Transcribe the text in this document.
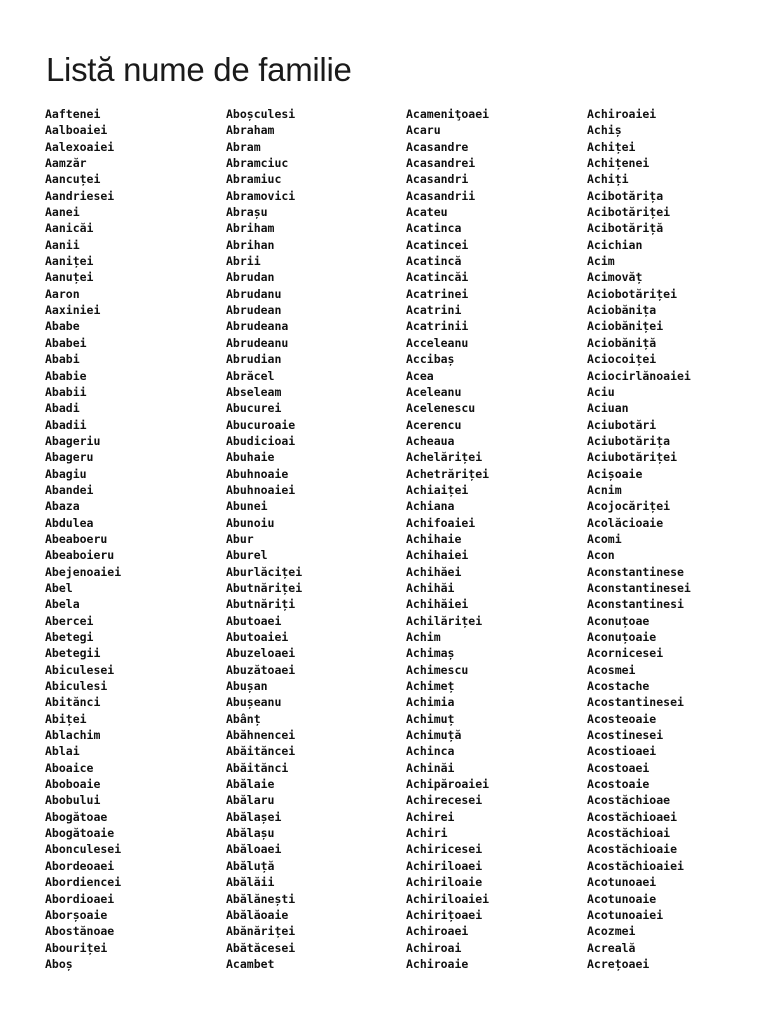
Listă nume de familie
Aaftenei
Aalboaiei
Aalexoaiei
Aamzăr
Aancuței
Aandriesei
Aanei
Aanicăi
Aanii
Aaniței
Aanuței
Aaron
Aaxiniei
Ababe
Ababei
Ababi
Ababie
Ababii
Abadi
Abadii
Abageriu
Abageru
Abagiu
Abandei
Abaza
Abdulea
Abeaboeru
Abeaboieru
Abejenoaiei
Abel
Abela
Abercei
Abetegi
Abetegii
Abiculesei
Abiculesi
Abitănci
Abiței
Ablachim
Ablai
Aboaice
Aboboaie
Abobului
Abogătoae
Abogătoaie
Abonculesei
Abordeoaei
Abordiencei
Abordioaei
Aborșoaie
Abostănoae
Abouriței
Aboș
Aboșculesi
Abraham
Abram
Abramciuc
Abramiuc
Abramovici
Abrașu
Abriham
Abrihan
Abrii
Abrudan
Abrudanu
Abrudean
Abrudeana
Abrudeanu
Abrudian
Abrăcel
Abseleam
Abucurei
Abucuroaie
Abudicioai
Abuhaie
Abuhnoaie
Abuhnoaiei
Abunei
Abunoiu
Abur
Aburel
Aburlăciței
Abutnăriței
Abutnăriți
Abutoaei
Abutoaiei
Abuzeloaei
Abuzătoaei
Abușan
Abușeanu
Abânț
Abăhnencei
Abăităncei
Abăitănci
Abălaie
Abălaru
Abălașei
Abălașu
Abăloaei
Abăluță
Abălăii
Abălănești
Abălăoaie
Abănăriței
Abătăcesei
Acambet
Acameniţoaei
Acaru
Acasandre
Acasandrei
Acasandri
Acasandrii
Acateu
Acatinca
Acatincei
Acatincă
Acatincăi
Acatrinei
Acatrini
Acatrinii
Acceleanu
Accibaș
Acea
Aceleanu
Acelenescu
Acerencu
Acheaua
Achelăriței
Achetrăriței
Achiaiței
Achiana
Achifoaiei
Achihaie
Achihaiei
Achihăei
Achihăi
Achihăiei
Achilăriței
Achim
Achimaș
Achimescu
Achimeț
Achimia
Achimuț
Achimuță
Achinca
Achinăi
Achipăroaiei
Achirecesei
Achirei
Achiri
Achiricesei
Achiriloaei
Achiriloaie
Achiriloaiei
Achirițoaei
Achiroaei
Achiroai
Achiroaie
Achiroaiei
Achiș
Achiței
Achițenei
Achiți
Acibotărița
Acibotăriței
Acibotăriță
Acichian
Acim
Acimovăț
Aciobotăriței
Aciobănița
Aciobăniței
Aciobăniță
Aciocoiței
Aciocirlănoaiei
Aciu
Aciuan
Aciubotări
Aciubotărița
Aciubotăriței
Acișoaie
Acnim
Acojocăriței
Acolăcioaie
Acomi
Acon
Aconstantinese
Aconstantinesei
Aconstantinesi
Aconuțoae
Aconuțoaie
Acornicesei
Acosmei
Acostache
Acostantinesei
Acosteoaie
Acostinesei
Acostioaei
Acostoaei
Acostoaie
Acostăchioae
Acostăchioaei
Acostăchioai
Acostăchioaie
Acostăchioaiei
Acotunoaei
Acotunoaie
Acotunoaiei
Acozmei
Acreală
Acrețoaei
